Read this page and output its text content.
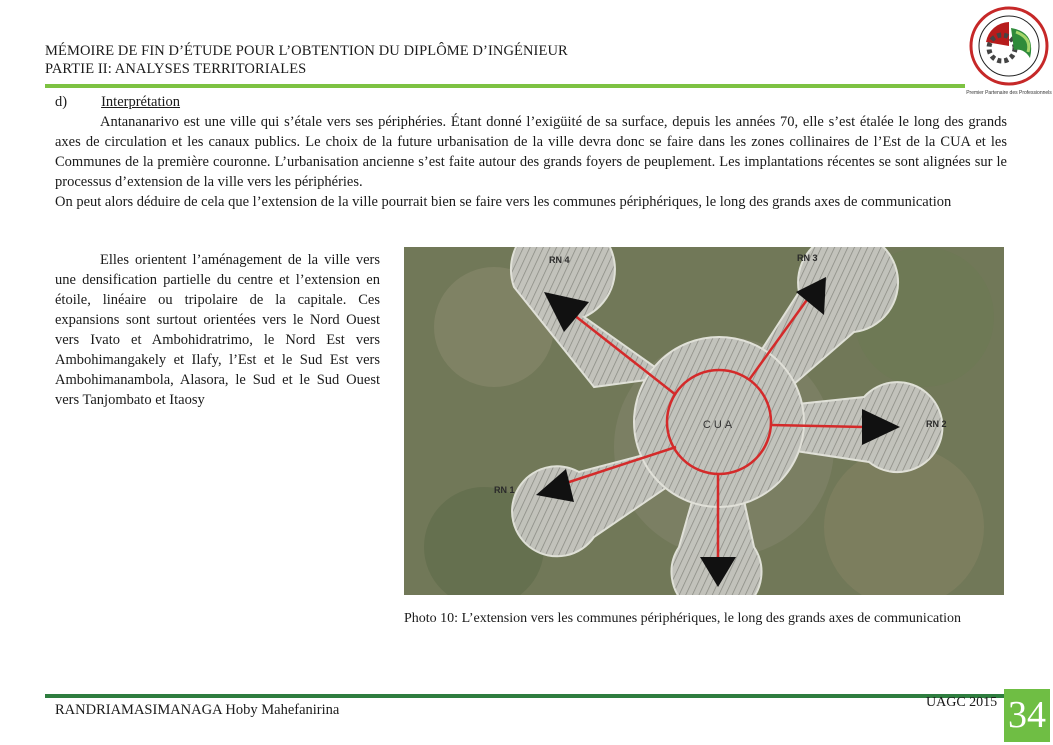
MÉMOIRE DE FIN D’ÉTUDE POUR L’OBTENTION DU DIPLÔME D’INGÉNIEUR
PARTIE II: ANALYSES TERRITORIALES
Premier Partenaire des Professionnels
d) Interprétation

Antananarivo est une ville qui s’étale vers ses périphéries. Étant donné l’exigüité de sa surface, depuis les années 70, elle s’est étalée le long des grands axes de circulation et les canaux publics. Le choix de la future urbanisation de la ville devra donc se faire dans les zones collinaires de l’Est de la CUA et les Communes de la première couronne. L’urbanisation ancienne s’est faite autour des grands foyers de peuplement. Les implantations récentes se sont alignées sur le processus d’extension de la ville vers les périphéries.

On peut alors déduire de cela que l’extension de la ville pourrait bien se faire vers les communes périphériques, le long des grands axes de communication

Elles orientent l’aménagement de la ville vers une densification partielle du centre et l’extension en étoile, linéaire ou tripolaire de la capitale. Ces expansions sont surtout orientées vers le Nord Ouest vers Ivato et Ambohidratrimo, le Nord Est vers Ambohimangakely et Ilafy, l’Est et le Sud Est vers Ambohimanambola, Alasora, le Sud et le Sud Ouest vers Tanjombato et Itaosy

CUA
RN 4	RN 3
RN 2
RN 1
Photo 10: L’extension vers les communes périphériques, le long des grands axes de communication
RANDRIAMASIMANAGA Hoby Mahefanirina	UAGC 2015 34
